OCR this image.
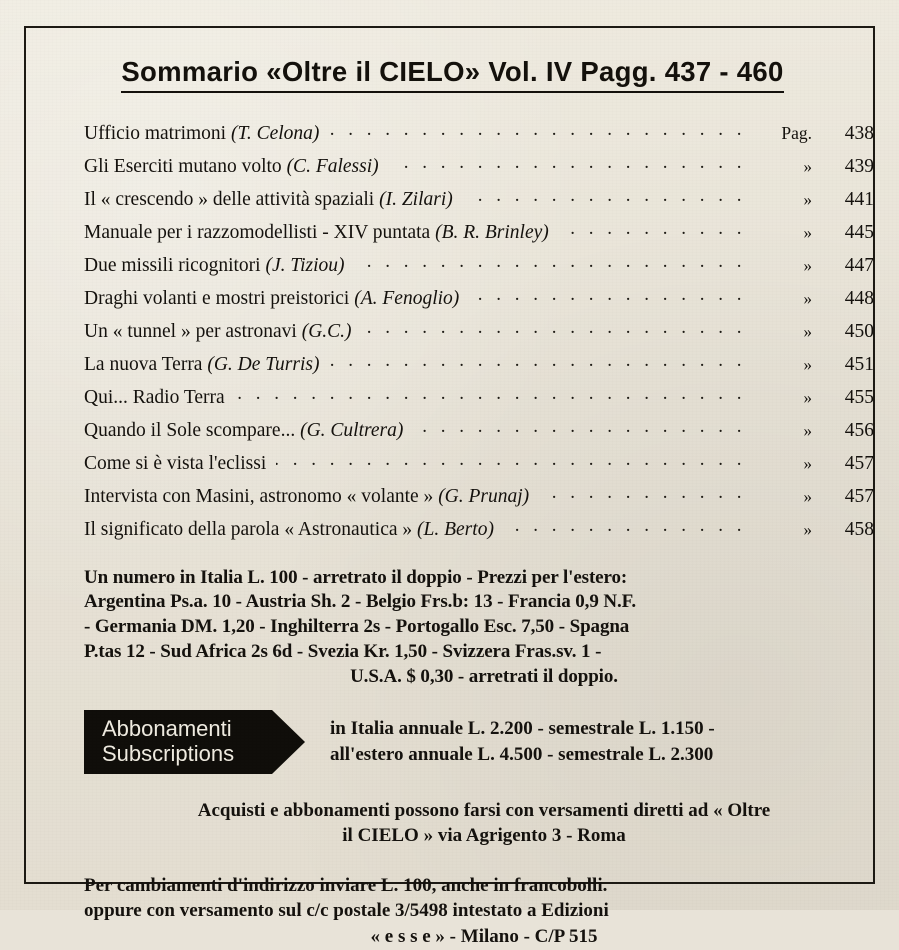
Sommario «Oltre il CIELO» Vol. IV Pagg. 437 - 460
Ufficio matrimoni (T. Celona) . .	Pag.	438
Gli Eserciti mutano volto (C. Falessi) . .	»	439
Il « crescendo » delle attività spaziali (I. Zilari) . .	»	441
Manuale per i razzomodellisti - XIV puntata (B. R. Brinley) . .	»	445
Due missili ricognitori (J. Tiziou) . .	»	447
Draghi volanti e mostri preistorici (A. Fenoglio) . .	»	448
Un « tunnel » per astronavi (G.C.) . .	»	450
La nuova Terra (G. De Turris) . .	»	451
Qui... Radio Terra . .	»	455
Quando il Sole scompare... (G. Cultrera) . .	»	456
Come si è vista l'eclissi . .	»	457
Intervista con Masini, astronomo « volante » (G. Prunaj) . .	»	457
Il significato della parola « Astronautica » (L. Berto) . .	»	458
Un numero in Italia L. 100 - arretrato il doppio - Prezzi per l'estero:
Argentina Ps.a. 10 - Austria Sh. 2 - Belgio Frs.b: 13 - Francia 0,9 N.F.
- Germania DM. 1,20 - Inghilterra 2s - Portogallo Esc. 7,50 - Spagna
P.tas 12 - Sud Africa 2s 6d - Svezia Kr. 1,50 - Svizzera Fras.sv. 1 -
U.S.A. $ 0,30 - arretrati il doppio.
Abbonamenti
Subscriptions
in Italia annuale L. 2.200 - semestrale L. 1.150 -
all'estero annuale L. 4.500 - semestrale L. 2.300
Acquisti e abbonamenti possono farsi con versamenti diretti ad « Oltre
il CIELO » via Agrigento 3 - Roma
Per cambiamenti d'indirizzo inviare L. 100, anche in francobolli.
oppure con versamento sul c/c postale 3/5498 intestato a Edizioni
« e s s e » - Milano - C/P 515
